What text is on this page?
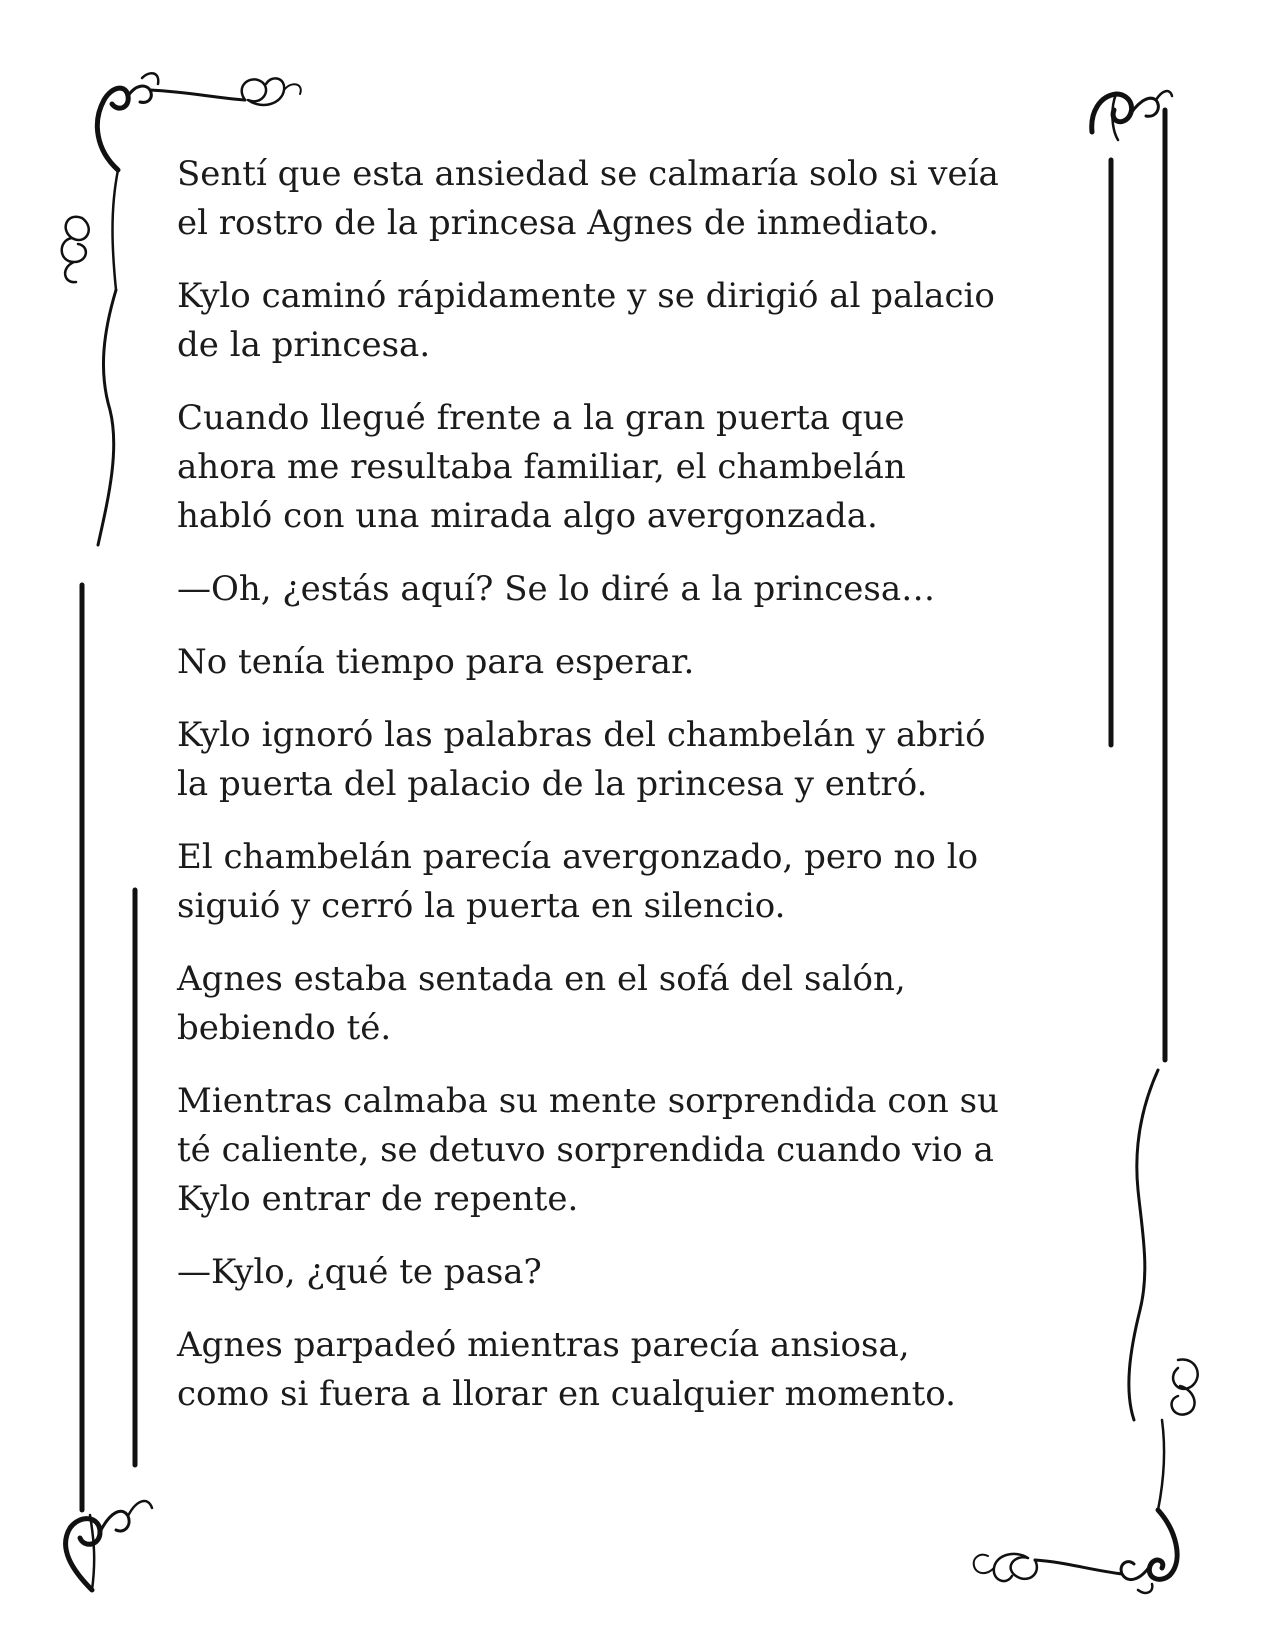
Sentí que esta ansiedad se calmaría solo si veía
el rostro de la princesa Agnes de inmediato.

Kylo caminó rápidamente y se dirigió al palacio
de la princesa.

Cuando llegué frente a la gran puerta que
ahora me resultaba familiar, el chambelán
habló con una mirada algo avergonzada.

—Oh, ¿estás aquí? Se lo diré a la princesa…

No tenía tiempo para esperar.

Kylo ignoró las palabras del chambelán y abrió
la puerta del palacio de la princesa y entró.

El chambelán parecía avergonzado, pero no lo
siguió y cerró la puerta en silencio.

Agnes estaba sentada en el sofá del salón,
bebiendo té.

Mientras calmaba su mente sorprendida con su
té caliente, se detuvo sorprendida cuando vio a
Kylo entrar de repente.

—Kylo, ¿qué te pasa?

Agnes parpadeó mientras parecía ansiosa,
como si fuera a llorar en cualquier momento.
